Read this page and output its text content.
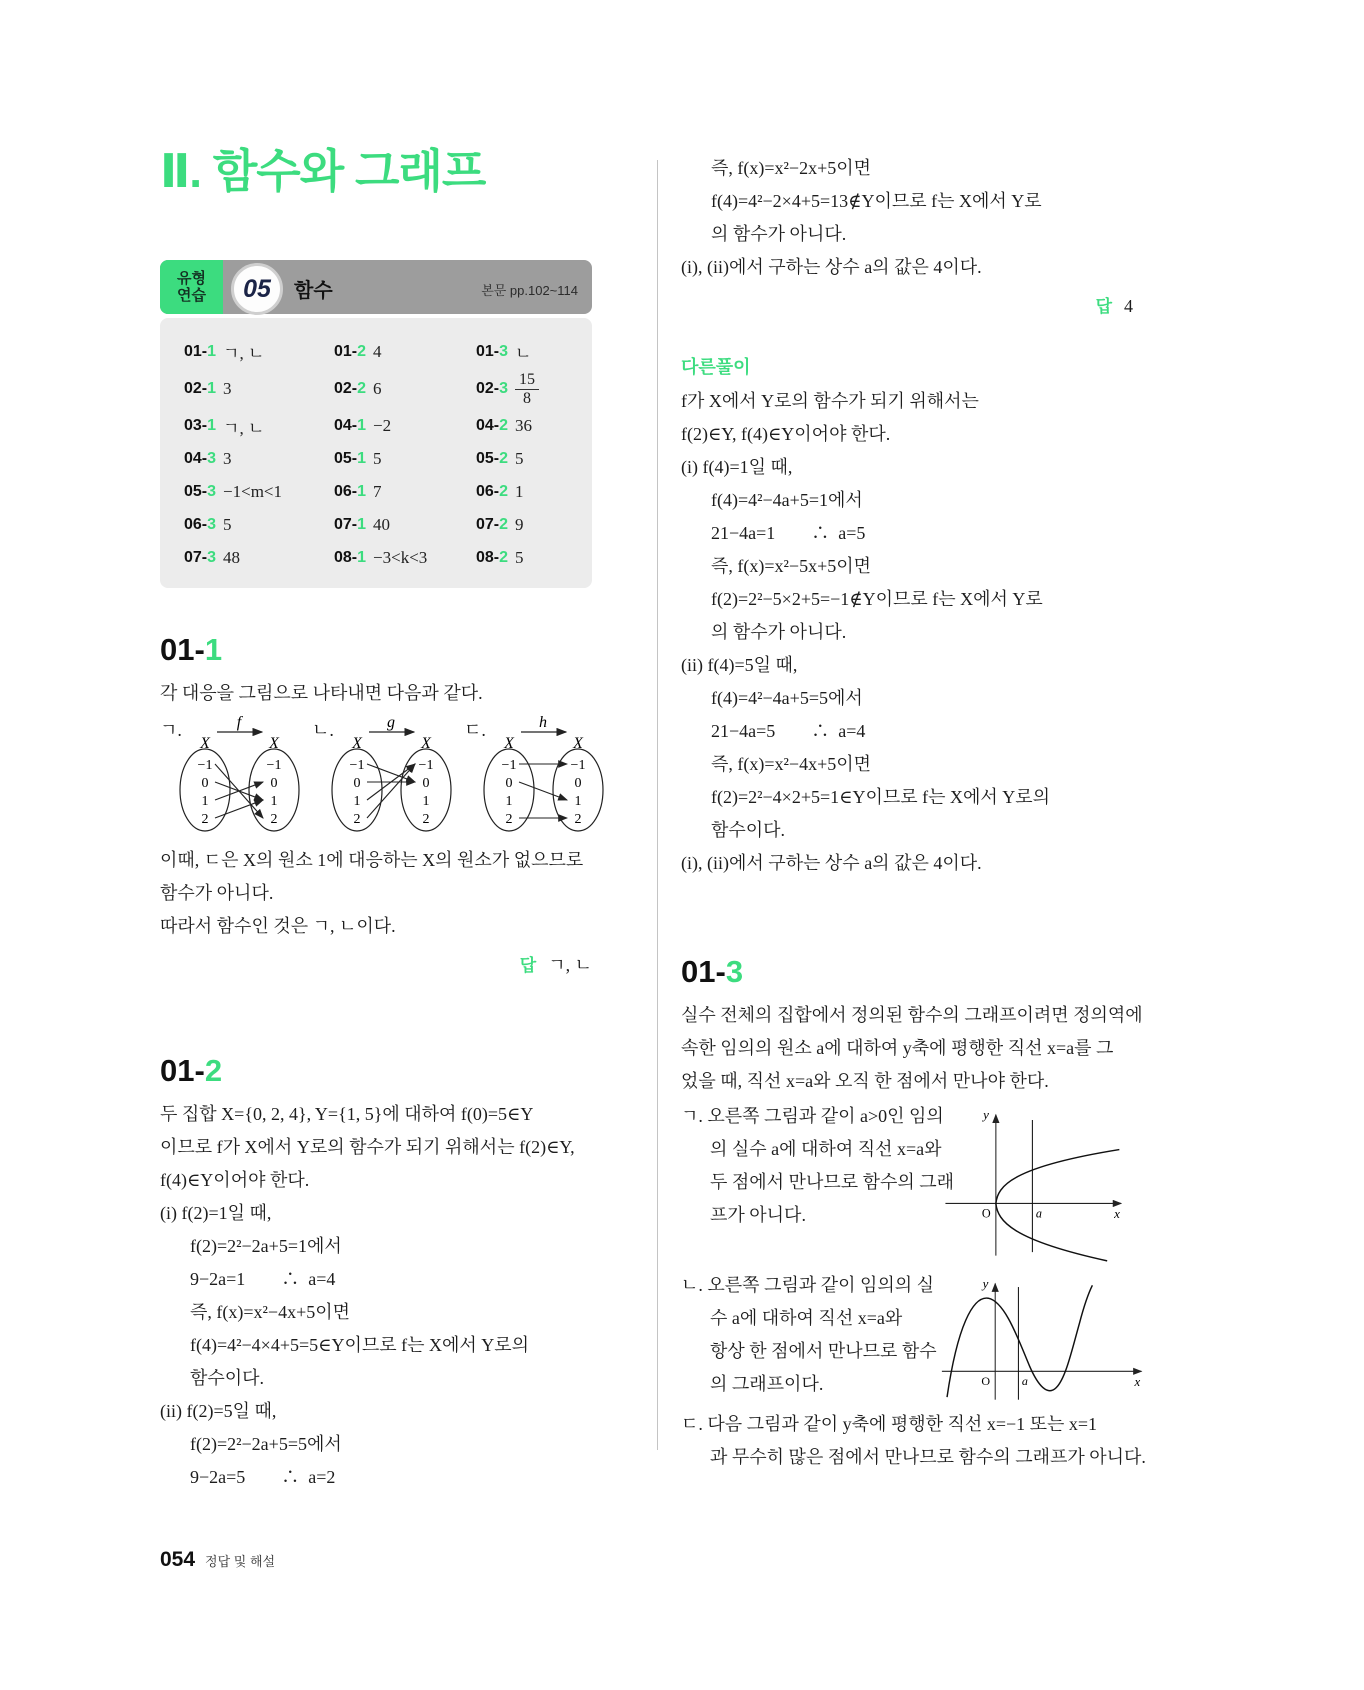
Ⅱ. 함수와 그래프
유형
연습	05	함수	본문 pp.102~114
01-1 ㄱ, ㄴ	01-2 4	01-3 ㄴ
02-1 3	02-2 6	$02-3 \frac{15}{8}$
03-1 ㄱ, ㄴ	04-1 −2	04-2 36
04-3 3	05-1 5	05-2 5
05-3 −1<m<1	06-1 7	06-2 1
06-3 5	07-1 40	07-2 9
07-3 48	08-1 −3<k<3	08-2 5
01-1

각 대응을 그림으로 나타내면 다음과 같다.

ㄱ.	f
X	X
−1
0
1
2
−1
0
1
2
ㄴ.	g
X	X
−1
0
1
2
−1
0
1
2
ㄷ.	h
X	X
−1
0
1
2
−1
0
1
2

이때, ㄷ은 X의 원소 1에 대응하는 X의 원소가 없으므로

함수가 아니다.

따라서 함수인 것은 ㄱ, ㄴ이다.

답 ㄱ, ㄴ
01-2

두 집합 X={0, 2, 4}, Y={1, 5}에 대하여 f(0)=5∈Y

이므로 f가 X에서 Y로의 함수가 되기 위해서는 f(2)∈Y,

f(4)∈Y이어야 한다.

(i) f(2)=1일 때,

f(2)=2²−2a+5=1에서

9−2a=1　　∴  a=4

즉, f(x)=x²−4x+5이면

f(4)=4²−4×4+5=5∈Y이므로 f는 X에서 Y로의

함수이다.

(ii) f(2)=5일 때,

f(2)=2²−2a+5=5에서

9−2a=5　　∴  a=2

즉, f(x)=x²−2x+5이면

f(4)=4²−2×4+5=13∉Y이므로 f는 X에서 Y로

의 함수가 아니다.

(i), (ii)에서 구하는 상수 a의 값은 4이다.

답 4
다른풀이

f가 X에서 Y로의 함수가 되기 위해서는

f(2)∈Y, f(4)∈Y이어야 한다.

(i) f(4)=1일 때,

f(4)=4²−4a+5=1에서

21−4a=1　　∴  a=5

즉, f(x)=x²−5x+5이면

f(2)=2²−5×2+5=−1∉Y이므로 f는 X에서 Y로

의 함수가 아니다.

(ii) f(4)=5일 때,

f(4)=4²−4a+5=5에서

21−4a=5　　∴  a=4

즉, f(x)=x²−4x+5이면

f(2)=2²−4×2+5=1∈Y이므로 f는 X에서 Y로의

함수이다.

(i), (ii)에서 구하는 상수 a의 값은 4이다.

01-3

실수 전체의 집합에서 정의된 함수의 그래프이려면 정의역에

속한 임의의 원소 a에 대하여 y축에 평행한 직선 x=a를 그

었을 때, 직선 x=a와 오직 한 점에서 만나야 한다.

ㄱ. 오른쪽 그림과 같이 a>0인 임의

의 실수 a에 대하여 직선 x=a와

두 점에서 만나므로 함수의 그래

프가 아니다.

y
x
O	a

ㄴ. 오른쪽 그림과 같이 임의의 실

수 a에 대하여 직선 x=a와

항상 한 점에서 만나므로 함수

의 그래프이다.

y
x
O a

ㄷ. 다음 그림과 같이 y축에 평행한 직선 x=−1 또는 x=1

과 무수히 많은 점에서 만나므로 함수의 그래프가 아니다.

054 정답 및 해설
